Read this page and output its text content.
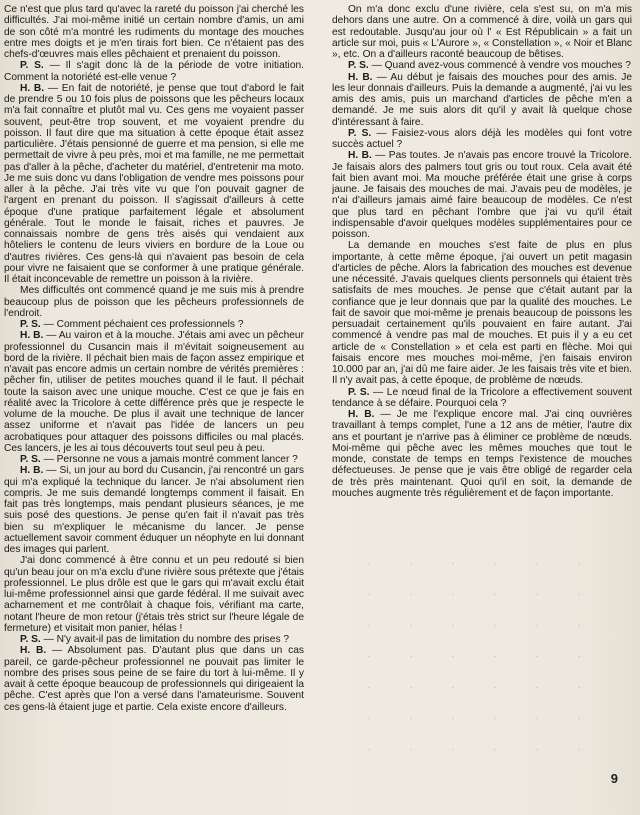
Ce n'est que plus tard qu'avec la rareté du poisson j'ai cherché les difficultés. J'ai moi-même initié un certain nombre d'amis, un ami de son côté m'a montré les rudiments du montage des mouches entre mes doigts et je m'en tirais fort bien. Ce n'étaient pas des chefs-d'œuvres mais elles pêchaient et prenaient du poisson.

P. S. — Il s'agit donc là de la période de votre initiation. Comment la notoriété est-elle venue ?

H. B. — En fait de notoriété, je pense que tout d'abord le fait de prendre 5 ou 10 fois plus de poissons que les pêcheurs locaux m'a fait connaître et plutôt mal vu. Ces gens me voyaient passer souvent, peut-être trop souvent, et me voyaient prendre du poisson. Il faut dire que ma situation à cette époque était assez particulière. J'étais pensionné de guerre et ma pension, si elle me permettait de vivre à peu près, moi et ma famille, ne me permettait pas d'aller à la pêche, d'acheter du matériel, d'entretenir ma moto. Je me suis donc vu dans l'obligation de vendre mes poissons pour aller à la pêche. J'ai très vite vu que l'on pouvait gagner de l'argent en prenant du poisson. Il s'agissait d'ailleurs à cette époque d'une pratique parfaitement légale et absolument générale. Tout le monde le faisait, riches et pauvres. Je connaissais nombre de gens très aisés qui vendaient aux hôteliers le contenu de leurs viviers en bordure de la Loue ou d'autres rivières. Ces gens-là qui n'avaient pas besoin de cela pour vivre ne faisaient que se conformer à une pratique générale. Il était inconcevable de remettre un poisson à la rivière.

Mes difficultés ont commencé quand je me suis mis à prendre beaucoup plus de poisson que les pêcheurs professionnels de l'endroit.

P. S. — Comment péchaient ces professionnels ?

H. B. — Au vairon et à la mouche. J'étais ami avec un pêcheur professionnel du Cusancin mais il m'évitait soigneusement au bord de la rivière. Il péchait bien mais de façon assez empirique et n'avait pas encore admis un certain nombre de vérités premières : pêcher fin, utiliser de petites mouches quand il le faut. Il péchait toute la saison avec une unique mouche. C'est ce que je fais en réalité avec la Tricolore à cette différence près que je respecte le volume de la mouche. De plus il avait une technique de lancer assez uniforme et n'avait pas l'idée de lancers un peu acrobatiques pour attaquer des poissons difficiles ou mal placés. Ces lancers, je les ai tous découverts tout seul peu à peu.

P. S. — Personne ne vous a jamais montré comment lancer ?

H. B. — Si, un jour au bord du Cusancin, j'ai rencontré un gars qui m'a expliqué la technique du lancer. Je n'ai absolument rien compris. Je me suis demandé longtemps comment il faisait. En fait pas très longtemps, mais pendant plusieurs séances, je me suis posé des questions. Je pense qu'en fait il n'avait pas très bien su m'expliquer le mécanisme du lancer. Je pense actuellement savoir comment éduquer un néophyte en lui donnant des images qui parlent.

J'ai donc commencé à être connu et un peu redouté si bien qu'un beau jour on m'a exclu d'une rivière sous prétexte que j'étais professionnel. Le plus drôle est que le gars qui m'avait exclu était lui-même professionnel ainsi que garde fédéral. Il me suivait avec acharnement et me contrôlait à chaque fois, vérifiant ma carte, notant l'heure de mon retour (j'étais très strict sur l'heure légale de fermeture) et visitait mon panier, hélas !

P. S. — N'y avait-il pas de limitation du nombre des prises ?

H. B. — Absolument pas. D'autant plus que dans un cas pareil, ce garde-pêcheur professionnel ne pouvait pas limiter le nombre des prises sous peine de se faire du tort à lui-même. Il y avait à cette époque beaucoup de professionnels qui dirigeaient la pêche. C'est après que l'on a versé dans l'amateurisme. Souvent ces gens-là étaient juge et partie. Cela existe encore d'ailleurs.

On m'a donc exclu d'une rivière, cela s'est su, on m'a mis dehors dans une autre. On a commencé à dire, voilà un gars qui est redoutable. Jusqu'au jour où l' « Est Républicain » a fait un article sur moi, puis « L'Aurore », « Constellation », « Noir et Blanc », etc. On a d'ailleurs raconté beaucoup de bêtises.

P. S. — Quand avez-vous commencé à vendre vos mouches ?

H. B. — Au début je faisais des mouches pour des amis. Je les leur donnais d'ailleurs. Puis la demande a augmenté, j'ai vu les amis des amis, puis un marchand d'articles de pêche m'en a demandé. Je me suis alors dit qu'il y avait là quelque chose d'intéressant à faire.

P. S. — Faisiez-vous alors déjà les modèles qui font votre succès actuel ?

H. B. — Pas toutes. Je n'avais pas encore trouvé la Tricolore. Je faisais alors des palmers tout gris ou tout roux. Cela avait été fait bien avant moi. Ma mouche préférée était une grise à corps jaune. Je faisais des mouches de mai. J'avais peu de modèles, je n'ai d'ailleurs jamais aimé faire beaucoup de modèles. Ce n'est que plus tard en pêchant l'ombre que j'ai vu qu'il était indispensable d'avoir quelques modèles supplémentaires pour ce poisson.

La demande en mouches s'est faite de plus en plus importante, à cette même époque, j'ai ouvert un petit magasin d'articles de pêche. Alors la fabrication des mouches est devenue une nécessité. J'avais quelques clients personnels qui étaient très satisfaits de mes mouches. Je pense que c'était autant par la confiance que je leur donnais que par la qualité des mouches. Le fait de savoir que moi-même je prenais beaucoup de poissons les persuadait certainement qu'ils pouvaient en faire autant. J'ai commencé à vendre pas mal de mouches. Et puis il y a eu cet article de « Constellation » et cela est parti en flèche. Moi qui faisais encore mes mouches moi-même, j'en faisais environ 10.000 par an, j'ai dû me faire aider. Je les faisais très vite et bien. Il n'y avait pas, à cette époque, de problème de nœuds.

P. S. — Le nœud final de la Tricolore a effectivement souvent tendance à se défaire. Pourquoi cela ?

H. B. — Je me l'explique encore mal. J'ai cinq ouvrières travaillant à temps complet, l'une a 12 ans de métier, l'autre dix ans et pourtant je n'arrive pas à éliminer ce problème de nœuds. Moi-même qui pêche avec les mêmes mouches que tout le monde, constate de temps en temps l'existence de mouches défectueuses. Je pense que je vais être obligé de regarder cela de très près maintenant. Quoi qu'il en soit, la demande de mouches augmente très régulièrement et de façon importante.

9
